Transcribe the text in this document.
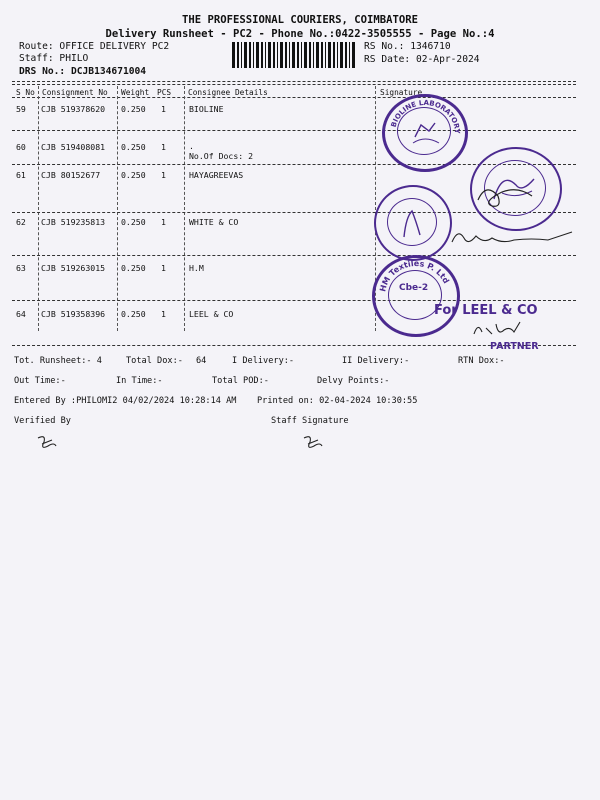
THE PROFESSIONAL COURIERS, COIMBATORE
Delivery Runsheet - PC2 - Phone No.:0422-3505555 - Page No.:4
Route: OFFICE DELIVERY PC2
Staff: PHILO
DRS No.: DCJB134671004
RS No.: 1346710
RS Date: 02-Apr-2024
S No Consignment No Weight PCS Consignee Details	Signature
59 CJB 519378620 0.250 1	BIOLINE
60 CJB 519408081 0.250 1	.
No.Of Docs: 2
61 CJB 80152677	0.250 1	HAYAGREEVAS
62 CJB 519235813 0.250 1	WHITE & CO
63 CJB 519263015 0.250 1	H.M
64 CJB 519358396 0.250 1	LEEL & CO
BIOLINE LABORATORY
HM Textiles P. Ltd
Cbe-2
For LEEL & CO
PARTNER
Tot. Runsheet:- 4	Total Dox:- 64	I Delivery:-	II Delivery:-	RTN Dox:-
Out Time:-	In Time:-	Total POD:-	Delvy Points:-
Entered By :PHILOMI2 04/02/2024 10:28:14 AM Printed on: 02-04-2024 10:30:55
Verified By	Staff Signature
